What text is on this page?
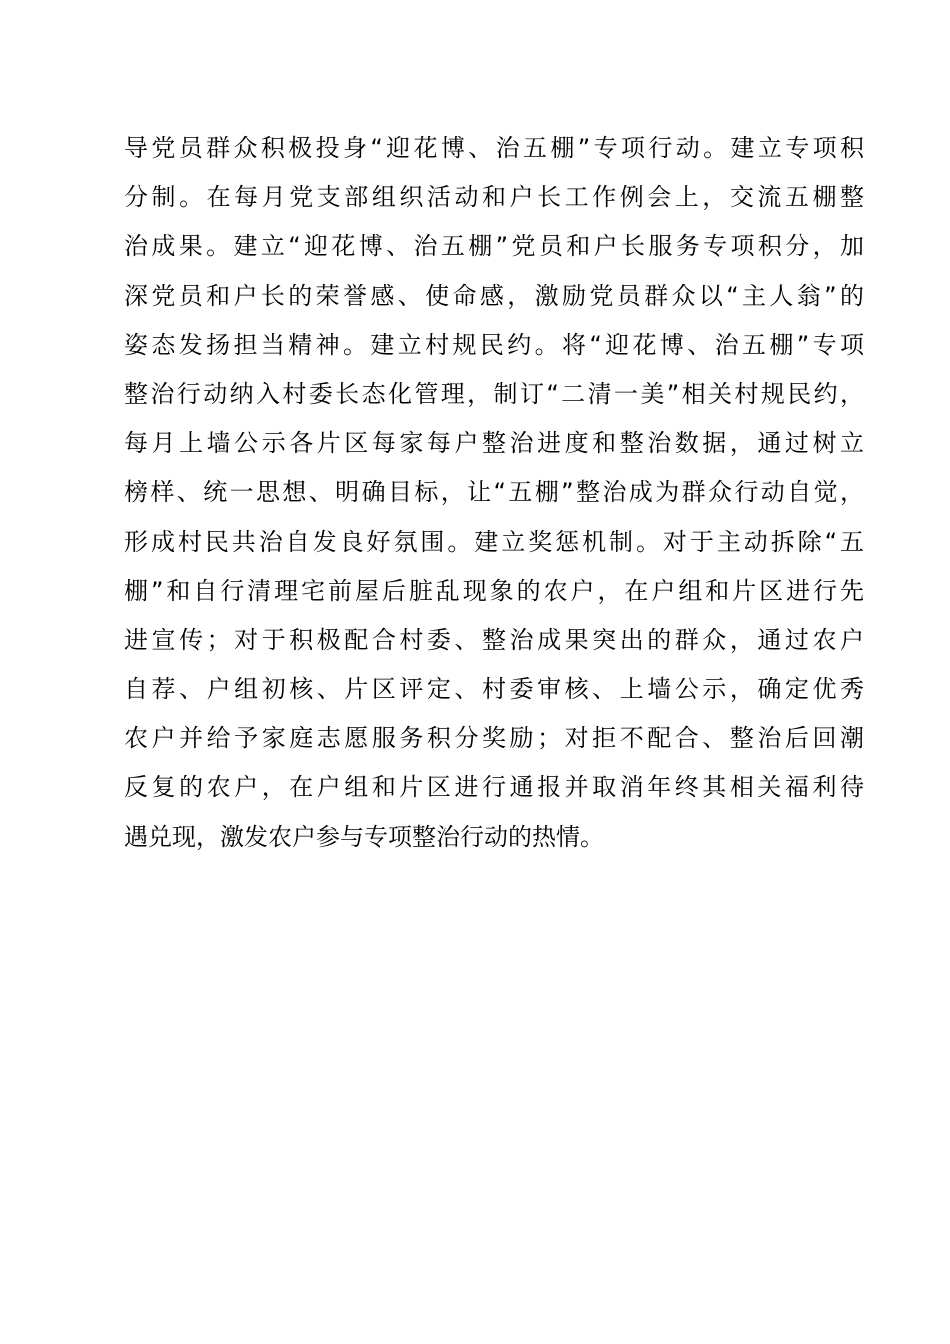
导党员群众积极投身“迎花博、治五棚”专项行动。建立专项积
分制。在每月党支部组织活动和户长工作例会上，交流五棚整
治成果。建立“迎花博、治五棚”党员和户长服务专项积分，加
深党员和户长的荣誉感、使命感，激励党员群众以“主人翁”的
姿态发扬担当精神。建立村规民约。将“迎花博、治五棚”专项
整治行动纳入村委长态化管理，制订“二清一美”相关村规民约，
每月上墙公示各片区每家每户整治进度和整治数据，通过树立
榜样、统一思想、明确目标，让“五棚”整治成为群众行动自觉，
形成村民共治自发良好氛围。建立奖惩机制。对于主动拆除“五
棚”和自行清理宅前屋后脏乱现象的农户，在户组和片区进行先
进宣传；对于积极配合村委、整治成果突出的群众，通过农户
自荐、户组初核、片区评定、村委审核、上墙公示，确定优秀
农户并给予家庭志愿服务积分奖励；对拒不配合、整治后回潮
反复的农户，在户组和片区进行通报并取消年终其相关福利待
遇兑现，激发农户参与专项整治行动的热情。
